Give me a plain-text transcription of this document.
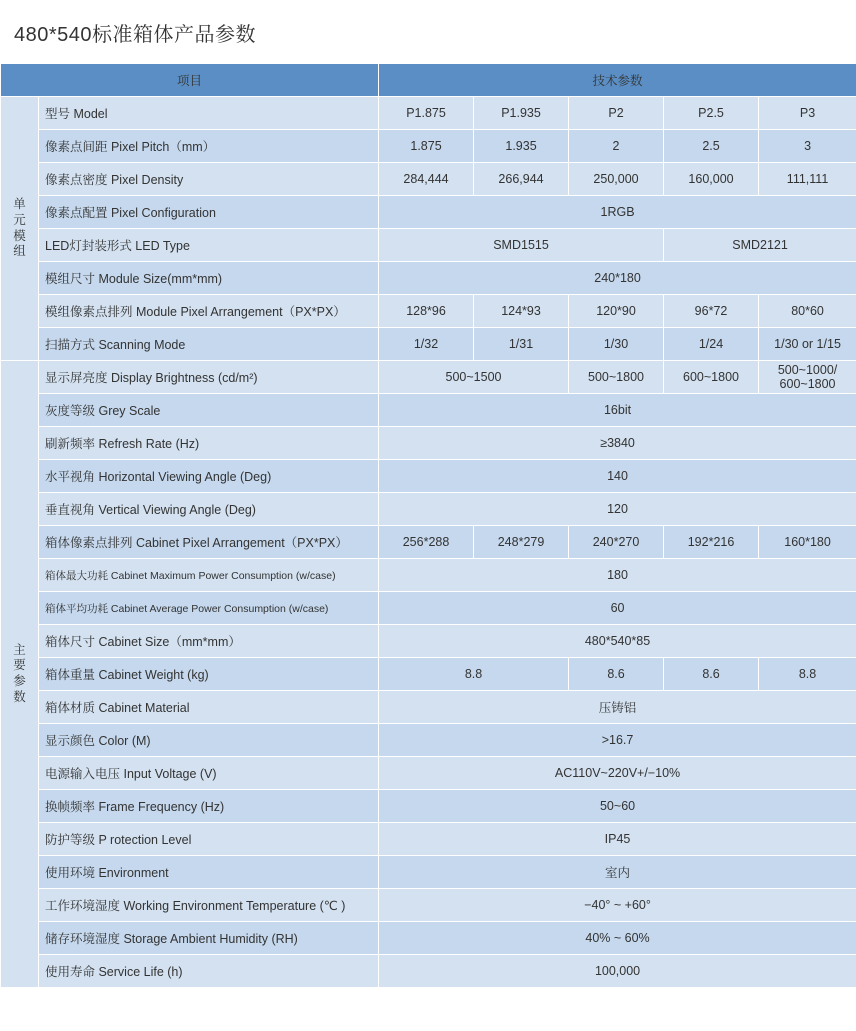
480*540标准箱体产品参数
项目		技术参数				
单元模组	型号 Model	P1.875	P1.935	P2	P2.5	P3
	像素点间距 Pixel Pitch（mm）	1.875	1.935	2	2.5	3
	像素点密度 Pixel Density	284,444	266,944	250,000	160,000	111,111
	像素点配置 Pixel Configuration	1RGB				
	LED灯封装形式 LED Type	SMD1515			SMD2121	
	模组尺寸 Module Size(mm*mm)	240*180				
	模组像素点排列 Module Pixel Arrangement（PX*PX）	128*96	124*93	120*90	96*72	80*60
	扫描方式 Scanning Mode	1/32	1/31	1/30	1/24	1/30 or 1/15
主要参数	显示屏亮度 Display Brightness (cd/m²)	500~1500		500~1800	600~1800	500~1000/
600~1800
	灰度等级 Grey Scale	16bit				
	刷新频率 Refresh Rate (Hz)	≥3840				
	水平视角 Horizontal Viewing Angle (Deg)	140				
	垂直视角 Vertical Viewing Angle (Deg)	120				
	箱体像素点排列 Cabinet Pixel Arrangement（PX*PX）	256*288	248*279	240*270	192*216	160*180
	箱体最大功耗 Cabinet Maximum Power Consumption (w/case)	180				
	箱体平均功耗 Cabinet Average Power Consumption (w/case)	60				
	箱体尺寸 Cabinet Size（mm*mm）	480*540*85				
	箱体重量 Cabinet Weight (kg)	8.8		8.6	8.6	8.8
	箱体材质 Cabinet Material	压铸铝				
	显示颜色 Color (M)	>16.7				
	电源输入电压 Input Voltage (V)	AC110V~220V+/−10%				
	换帧频率 Frame Frequency (Hz)	50~60				
	防护等级 P rotection Level	IP45				
	使用环境 Environment	室内				
	工作环境湿度 Working Environment Temperature (℃ )	−40° ~ +60°				
	储存环境湿度 Storage Ambient Humidity (RH)	40% ~ 60%				
	使用寿命 Service Life (h)	100,000				
